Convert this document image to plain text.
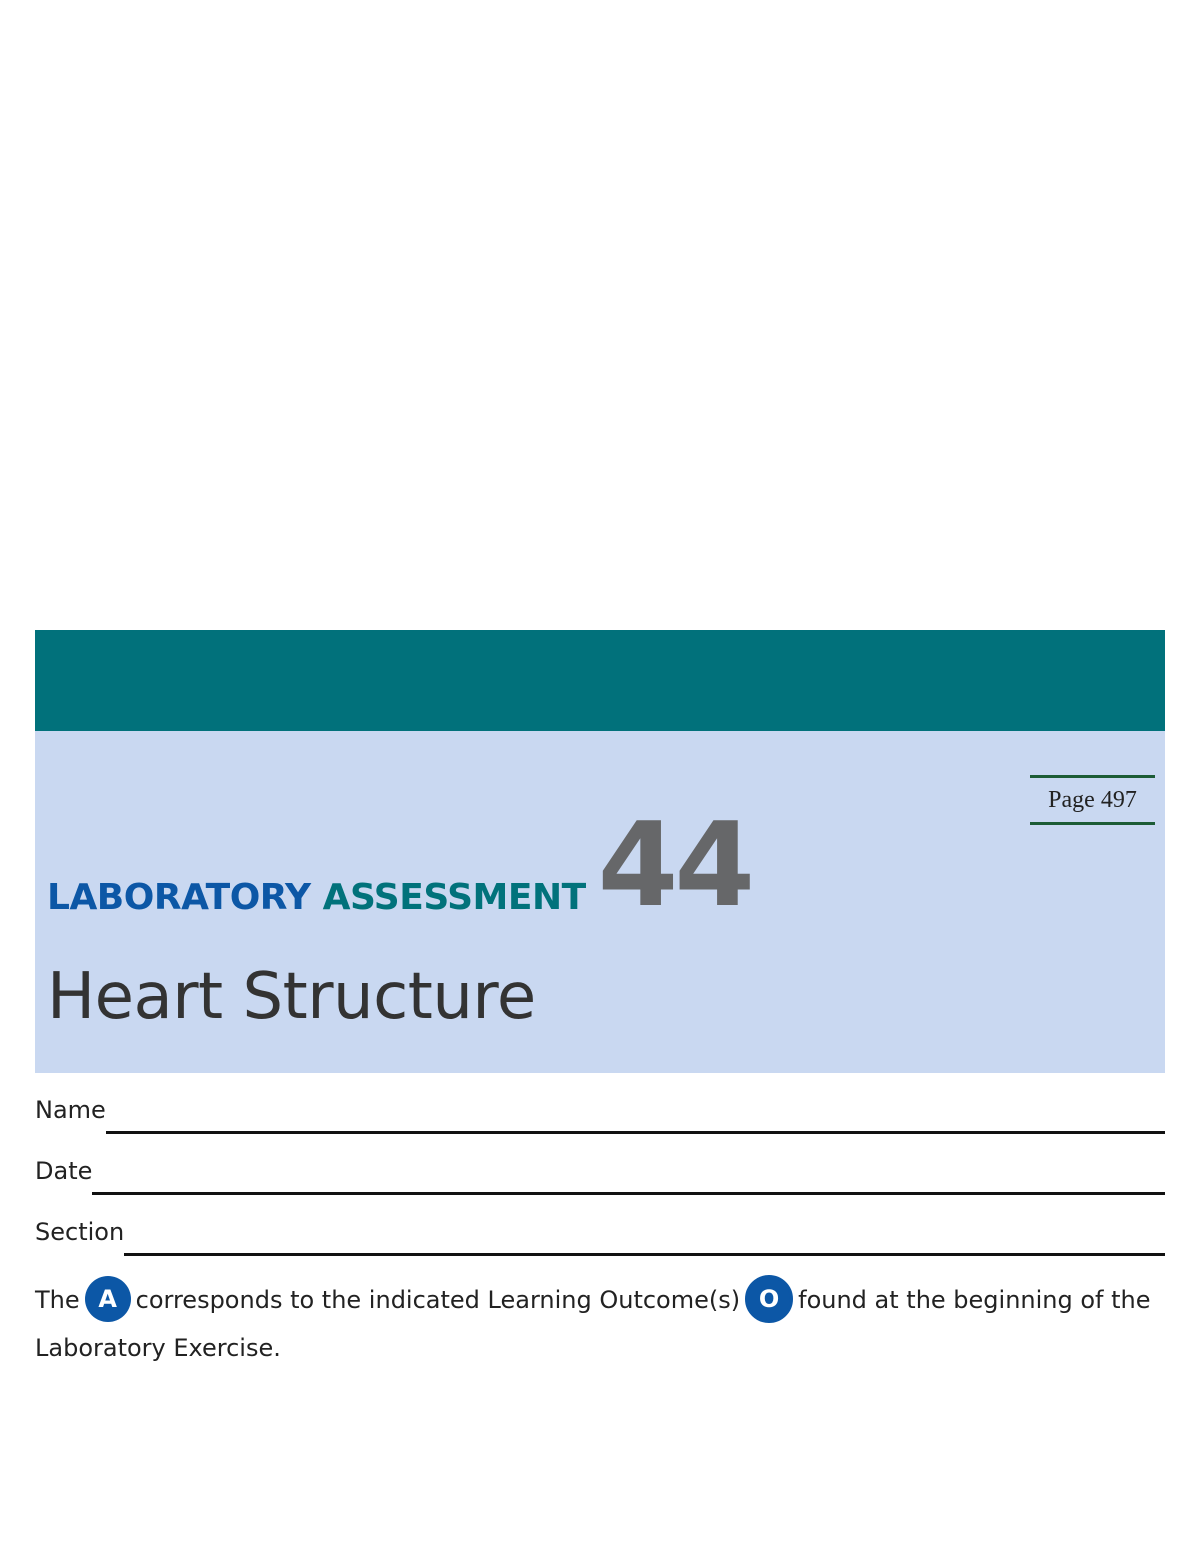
Page 497
LABORATORY ASSESSMENT 44
Heart Structure
Name
Date
Section
The A corresponds to the indicated Learning Outcome(s) O found at the beginning of the Laboratory Exercise.
